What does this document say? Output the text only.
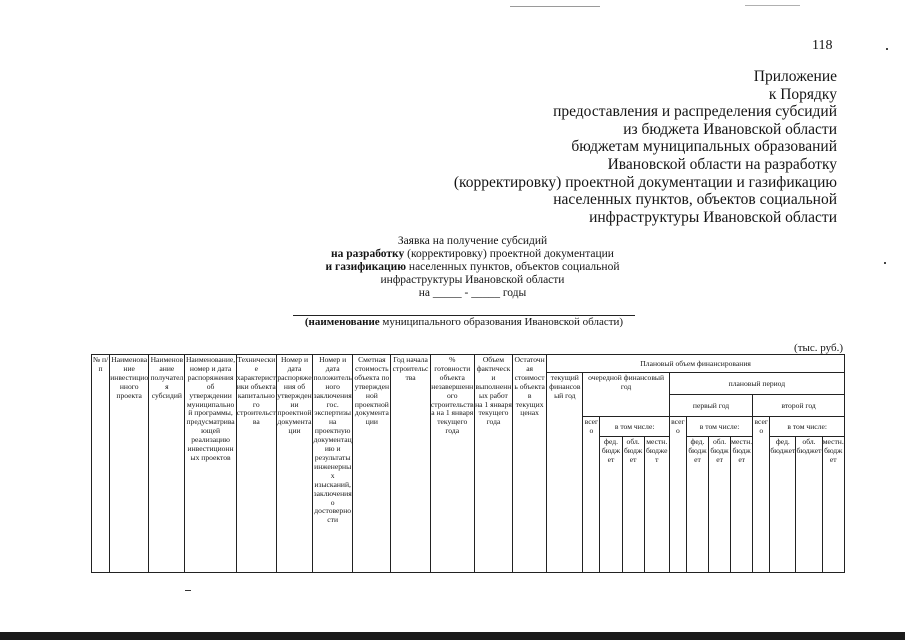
118
Приложение
к Порядку
предоставления и распределения субсидий
из бюджета Ивановской области
бюджетам муниципальных образований
Ивановской области на разработку
(корректировку) проектной документации и газификацию
населенных пунктов, объектов социальной
инфраструктуры Ивановской области
Заявка на получение субсидий
на разработку (корректировку) проектной документации
и газификацию населенных пунктов, объектов социальной
инфраструктуры Ивановской области
на _____ - _____ годы
(наименование муниципального образования Ивановской области)
(тыс. руб.)
№ п/п	Наименование инвестиционного проекта	Наименование получателя субсидий	Наименование, номер и дата распоряжения об утверждении муниципальной программы, предусматривающей реализацию инвестиционных проектов	Технические характеристики объекта капитального строительства	Номер и дата распоряжения об утверждении проектной документации	Номер и дата положительного заключения гос. экспертизы на проектную документацию и результаты инженерных изысканий, заключения о достоверности	Сметная стоимость объекта по утвержденной проектной документации	Год начала строительства	% готовности объекта незавершенного строительства на 1 января текущего года	Объем фактически выполненных работ на 1 января текущего года	Остаточная стоимость объекта в текущих ценах	Плановый объем финансирования												
												текущий финансовый год	очередной финансовый год				плановый период							
																	первый год				второй год			
													всего	в том числе:			всего	в том числе:			всего	в том числе:		
														фед. бюджет	обл. бюджет	местн. бюджет		фед. бюджет	обл. бюджет	местн. бюджет		фед. бюджет	обл. бюджет	местн. бюджет
